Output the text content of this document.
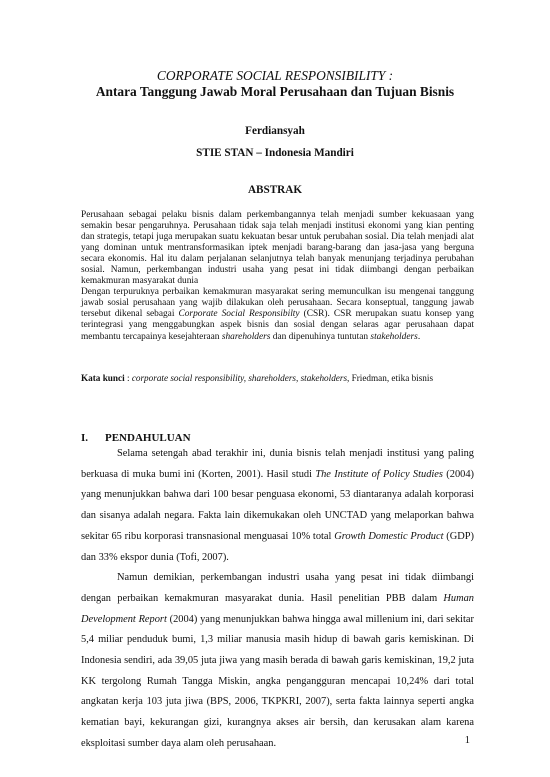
CORPORATE SOCIAL RESPONSIBILITY :
Antara Tanggung Jawab Moral Perusahaan dan Tujuan Bisnis
Ferdiansyah
STIE STAN – Indonesia Mandiri
ABSTRAK

Perusahaan sebagai pelaku bisnis dalam perkembangannya telah menjadi sumber kekuasaan yang semakin besar pengaruhnya. Perusahaan tidak saja telah menjadi institusi ekonomi yang kian penting dan strategis, tetapi juga merupakan suatu kekuatan besar untuk perubahan sosial. Dia telah menjadi alat yang dominan untuk mentransformasikan iptek menjadi barang-barang dan jasa-jasa yang berguna secara ekonomis. Hal itu dalam perjalanan selanjutnya telah banyak menunjang terjadinya perubahan sosial. Namun, perkembangan industri usaha yang pesat ini tidak diimbangi dengan perbaikan kemakmuran masyarakat dunia

Dengan terpuruknya perbaikan kemakmuran masyarakat sering memunculkan isu mengenai tanggung jawab sosial perusahaan yang wajib dilakukan oleh perusahaan. Secara konseptual, tanggung jawab tersebut dikenal sebagai Corporate Social Responsibilty (CSR). CSR merupakan suatu konsep yang terintegrasi yang menggabungkan aspek bisnis dan sosial dengan selaras agar perusahaan dapat membantu tercapainya kesejahteraan shareholders dan dipenuhinya tuntutan stakeholders.

Kata kunci : corporate social responsibility, shareholders, stakeholders, Friedman, etika bisnis
I. PENDAHULUAN

Selama setengah abad terakhir ini, dunia bisnis telah menjadi institusi yang paling berkuasa di muka bumi ini (Korten, 2001). Hasil studi The Institute of Policy Studies (2004) yang menunjukkan bahwa dari 100 besar penguasa ekonomi, 53 diantaranya adalah korporasi dan sisanya adalah negara. Fakta lain dikemukakan oleh UNCTAD yang melaporkan bahwa sekitar 65 ribu korporasi transnasional menguasai 10% total Growth Domestic Product (GDP) dan 33% ekspor dunia (Tofi, 2007).

Namun demikian, perkembangan industri usaha yang pesat ini tidak diimbangi dengan perbaikan kemakmuran masyarakat dunia. Hasil penelitian PBB dalam Human Development Report (2004) yang menunjukkan bahwa hingga awal millenium ini, dari sekitar 5,4 miliar penduduk bumi, 1,3 miliar manusia masih hidup di bawah garis kemiskinan. Di Indonesia sendiri, ada 39,05 juta jiwa yang masih berada di bawah garis kemiskinan, 19,2 juta KK tergolong Rumah Tangga Miskin, angka pengangguran mencapai 10,24% dari total angkatan kerja 103 juta jiwa (BPS, 2006, TKPKRI, 2007), serta fakta lainnya seperti angka kematian bayi, kekurangan gizi, kurangnya akses air bersih, dan kerusakan alam karena eksploitasi sumber daya alam oleh perusahaan.	1
